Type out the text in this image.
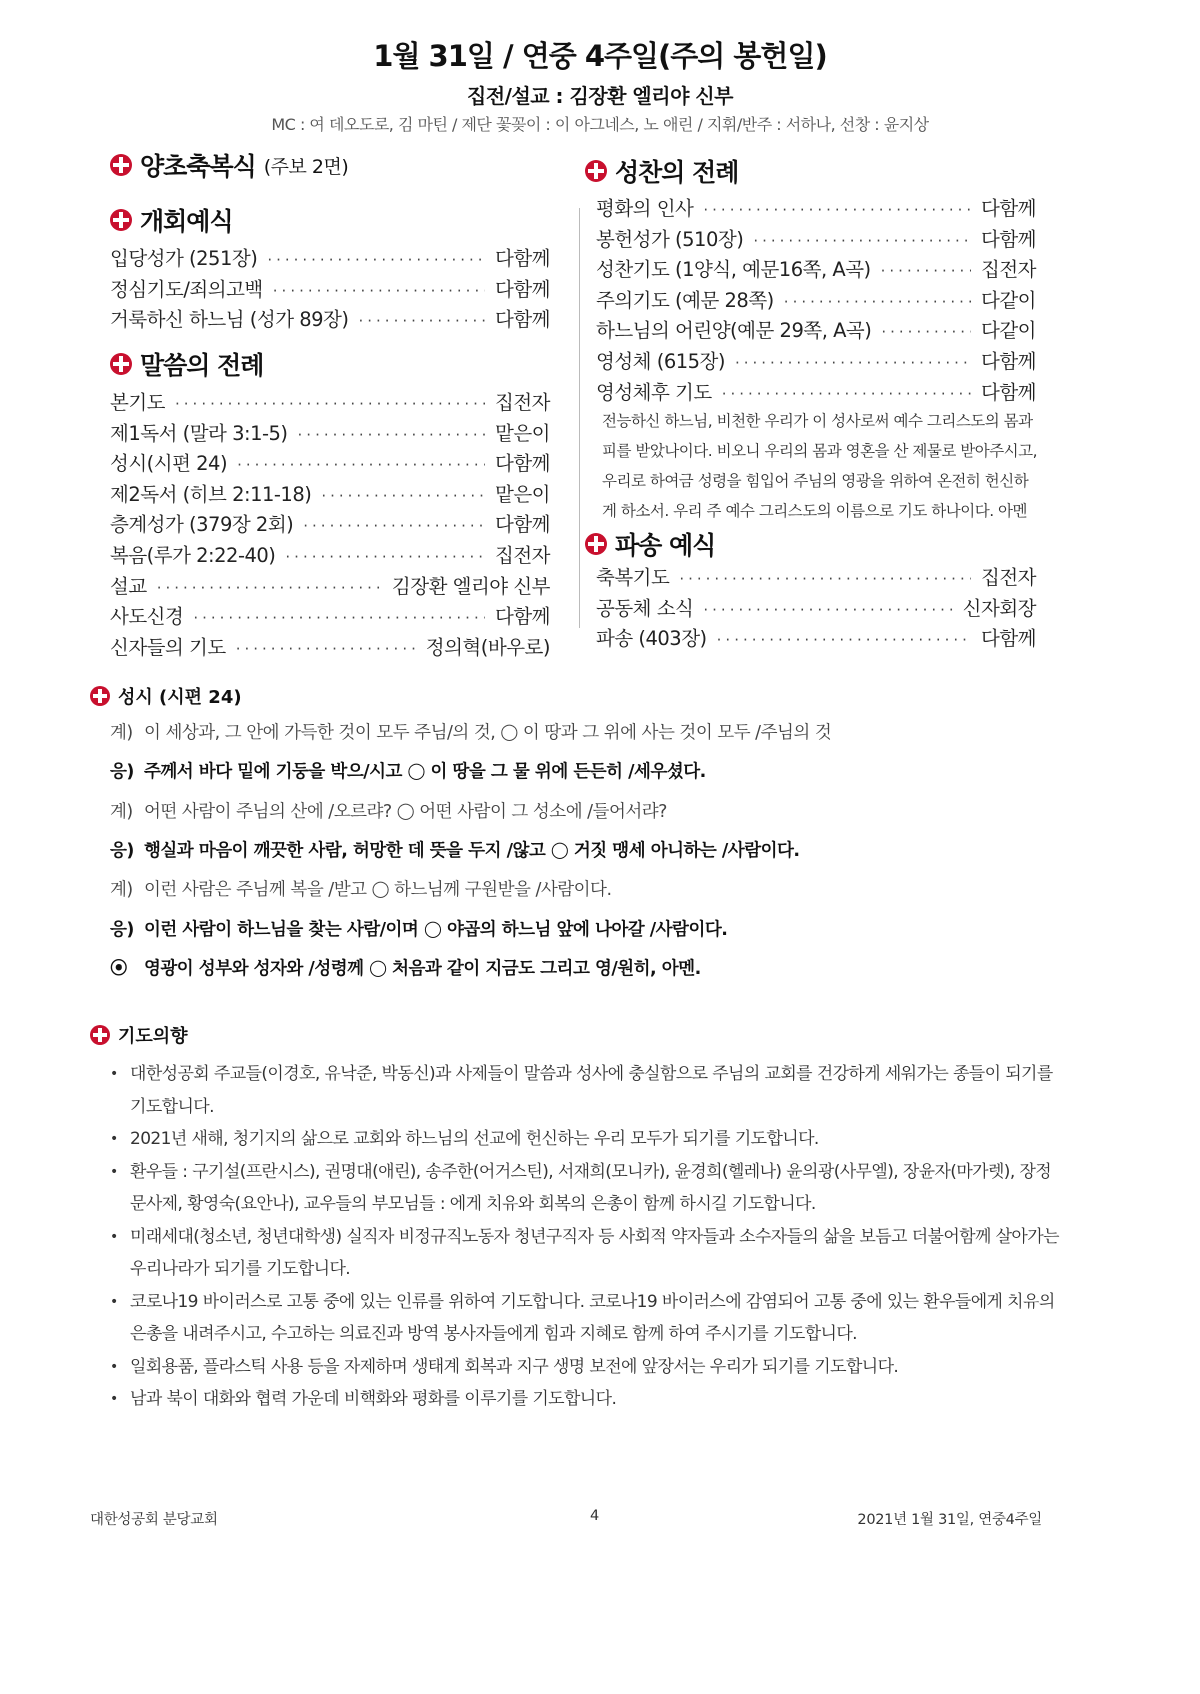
1월 31일 / 연중 4주일(주의 봉헌일)
집전/설교 : 김장환 엘리야 신부
MC : 여 데오도로, 김 마틴 / 제단 꽃꽂이 : 이 아그네스, 노 애린 / 지휘/반주 : 서하나, 선창 : 윤지상
양초축복식 (주보 2면)
개회예식
입당성가 (251장) ·····	다함께
정심기도/죄의고백 ·····	다함께
거룩하신 하느님 (성가 89장) ·····	다함께
말씀의 전례
본기도 ·····	집전자
제1독서 (말라 3:1-5) ·····	맡은이
성시(시편 24) ·····	다함께
제2독서 (히브 2:11-18) ·····	맡은이
층계성가 (379장 2회) ·····	다함께
복음(루가 2:22-40) ·····	집전자
설교 ·····	김장환 엘리야 신부
사도신경 ·····	다함께
신자들의 기도 ·····	정의혁(바우로)
성찬의 전례
평화의 인사 ·····	다함께
봉헌성가 (510장) ·····	다함께
성찬기도 (1양식, 예문16쪽, A곡) ·····	집전자
주의기도 (예문 28쪽) ·····	다같이
하느님의 어린양(예문 29쪽, A곡) ·····	다같이
영성체 (615장) ·····	다함께
영성체후 기도 ·····	다함께
전능하신 하느님, 비천한 우리가 이 성사로써 예수 그리스도의 몸과 피를 받았나이다. 비오니 우리의 몸과 영혼을 산 제물로 받아주시고, 우리로 하여금 성령을 힘입어 주님의 영광을 위하여 온전히 헌신하게 하소서. 우리 주 예수 그리스도의 이름으로 기도 하나이다. 아멘
파송 예식
축복기도 ·····	집전자
공동체 소식 ·····	신자회장
파송 (403장) ·····	다함께
성시 (시편 24)
계) 이 세상과, 그 안에 가득한 것이 모두 주님/의 것,
◯
이 땅과 그 위에 사는 것이 모두 /주님의 것
응) 주께서 바다 밑에 기둥을 박으/시고
◯
이 땅을 그 물 위에 든든히 /세우셨다.
계) 어떤 사람이 주님의 산에 /오르랴?
◯
어떤 사람이 그 성소에 /들어서랴?
응) 행실과 마음이 깨끗한 사람, 허망한 데 뜻을 두지 /않고
◯
거짓 맹세 아니하는 /사람이다.
계) 이런 사람은 주님께 복을 /받고
◯
하느님께 구원받을 /사람이다.
응) 이런 사람이 하느님을 찾는 사람/이며
◯
야곱의 하느님 앞에 나아갈 /사람이다.
⦿ 영광이 성부와 성자와 /성령께
◯
처음과 같이 지금도 그리고 영/원히, 아멘.
기도의향
• 대한성공회 주교들(이경호, 유낙준, 박동신)과 사제들이 말씀과 성사에 충실함으로 주님의 교회를 건강하게 세워가는 종들이 되기를 기도합니다.
• 2021년 새해, 청기지의 삶으로 교회와 하느님의 선교에 헌신하는 우리 모두가 되기를 기도합니다.
• 환우들 : 구기설(프란시스), 권명대(애린), 송주한(어거스틴), 서재희(모니카), 윤경희(헬레나) 윤의광(사무엘), 장윤자(마가렛), 장정문사제, 황영숙(요안나), 교우들의 부모님들 : 에게 치유와 회복의 은총이 함께 하시길 기도합니다.
• 미래세대(청소년, 청년대학생) 실직자 비정규직노동자 청년구직자 등 사회적 약자들과 소수자들의 삶을 보듬고 더불어함께 살아가는 우리나라가 되기를 기도합니다.
• 코로나19 바이러스로 고통 중에 있는 인류를 위하여 기도합니다. 코로나19 바이러스에 감염되어 고통 중에 있는 환우들에게 치유의 은총을 내려주시고, 수고하는 의료진과 방역 봉사자들에게 힘과 지혜로 함께 하여 주시기를 기도합니다.
• 일회용품, 플라스틱 사용 등을 자제하며 생태계 회복과 지구 생명 보전에 앞장서는 우리가 되기를 기도합니다.
• 남과 북이 대화와 협력 가운데 비핵화와 평화를 이루기를 기도합니다.
대한성공회 분당교회	4	2021년 1월 31일, 연중4주일
